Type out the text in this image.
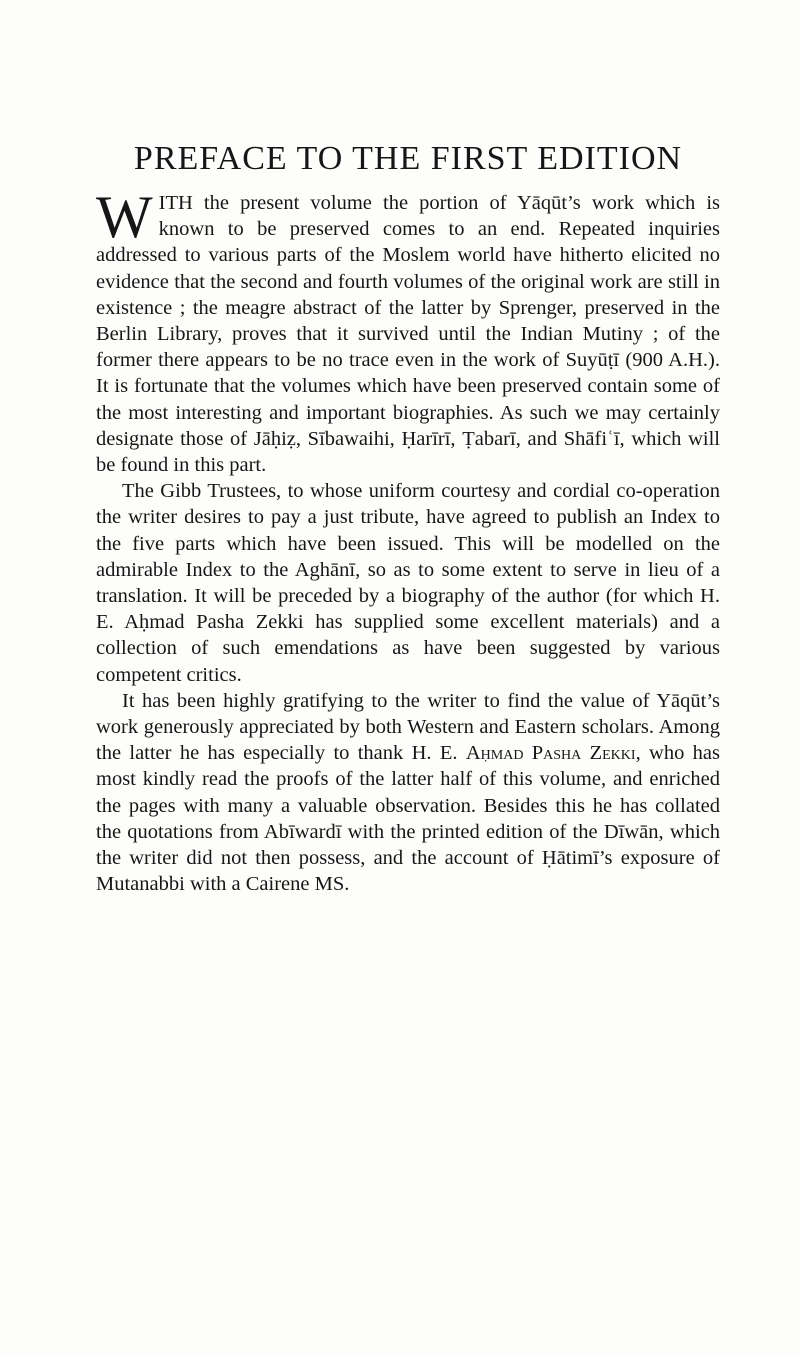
PREFACE TO THE FIRST EDITION

WITH the present volume the portion of Yāqūt’s work which is known to be preserved comes to an end. Repeated inquiries addressed to various parts of the Moslem world have hitherto elicited no evidence that the second and fourth volumes of the original work are still in existence ; the meagre abstract of the latter by Sprenger, preserved in the Berlin Library, proves that it survived until the Indian Mutiny ; of the former there appears to be no trace even in the work of Suyūṭī (900 A.H.). It is fortunate that the volumes which have been preserved contain some of the most interesting and important biographies. As such we may certainly designate those of Jāḥiẓ, Sībawaihi, Ḥarīrī, Ṭabarī, and Shāfiʿī, which will be found in this part.

The Gibb Trustees, to whose uniform courtesy and cordial co-operation the writer desires to pay a just tribute, have agreed to publish an Index to the five parts which have been issued. This will be modelled on the admirable Index to the Aghānī, so as to some extent to serve in lieu of a translation. It will be preceded by a biography of the author (for which H. E. Aḥmad Pasha Zekki has supplied some excellent materials) and a collection of such emendations as have been suggested by various competent critics.

It has been highly gratifying to the writer to find the value of Yāqūt’s work generously appreciated by both Western and Eastern scholars. Among the latter he has especially to thank H. E. Aḥmad Pasha Zekki, who has most kindly read the proofs of the latter half of this volume, and enriched the pages with many a valuable observation. Besides this he has collated the quotations from Abīwardī with the printed edition of the Dīwān, which the writer did not then possess, and the account of Ḥātimī’s exposure of Mutanabbi with a Cairene MS.
